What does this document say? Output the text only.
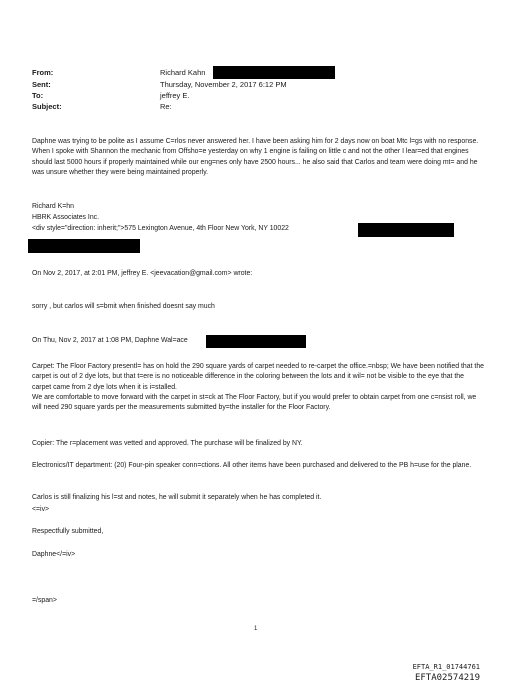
From:
Sent:
To:
Subject:
Richard Kahn
Thursday, November 2, 2017 6:12 PM
jeffrey E.
Re:
Daphne was trying to be polite as I assume C=rlos never answered her. I have been asking him for 2 days now on boat Mtc l=gs with no response. When I spoke with Shannon the mechanic from Offsho=e yesterday on why 1 engine is failing on little c and not the other I lear=ed that engines should last 5000 hours if properly maintained while our eng=nes only have 2500 hours... he also said that Carlos and team were doing mt= and he was unsure whether they were being maintained properly.
Richard K=hn
HBRK Associates Inc.
<div style="direction: inherit;">575 Lexington Avenue, 4th Floor New York, NY 10022
On Nov 2, 2017, at 2:01 PM, jeffrey E. <jeevacation@gmail.com> wrote:
sorry , but carlos will s=bmit when finished doesnt say much
On Thu, Nov 2, 2017 at 1:08 PM, Daphne Wal=ace
Carpet: The Floor Factory presentl= has on hold the 290 square yards of carpet needed to re-carpet the office.=nbsp; We have been notified that the carpet is out of 2 dye lots, but that t=ere is no noticeable difference in the coloring between the lots and it wil= not be visible to the eye that the carpet came from 2 dye lots when it is i=stalled.
We are comfortable to move forward with the carpet in st=ck at The Floor Factory, but if you would prefer to obtain carpet from one c=nsist roll, we will need 290 square yards per the measurements submitted by=the installer for the Floor Factory.
Copier: The r=placement was vetted and approved. The purchase will be finalized by NY.
Electronics/IT department: (20) Four-pin speaker conn=ctions. All other items have been purchased and delivered to the PB h=use for the plane.
Carlos is still finalizing his l=st and notes, he will submit it separately when he has completed it.
<=iv>
Respectfully submitted,
Daphne</=iv>
=/span>
1
EFTA_R1_01744761
EFTA02574219
